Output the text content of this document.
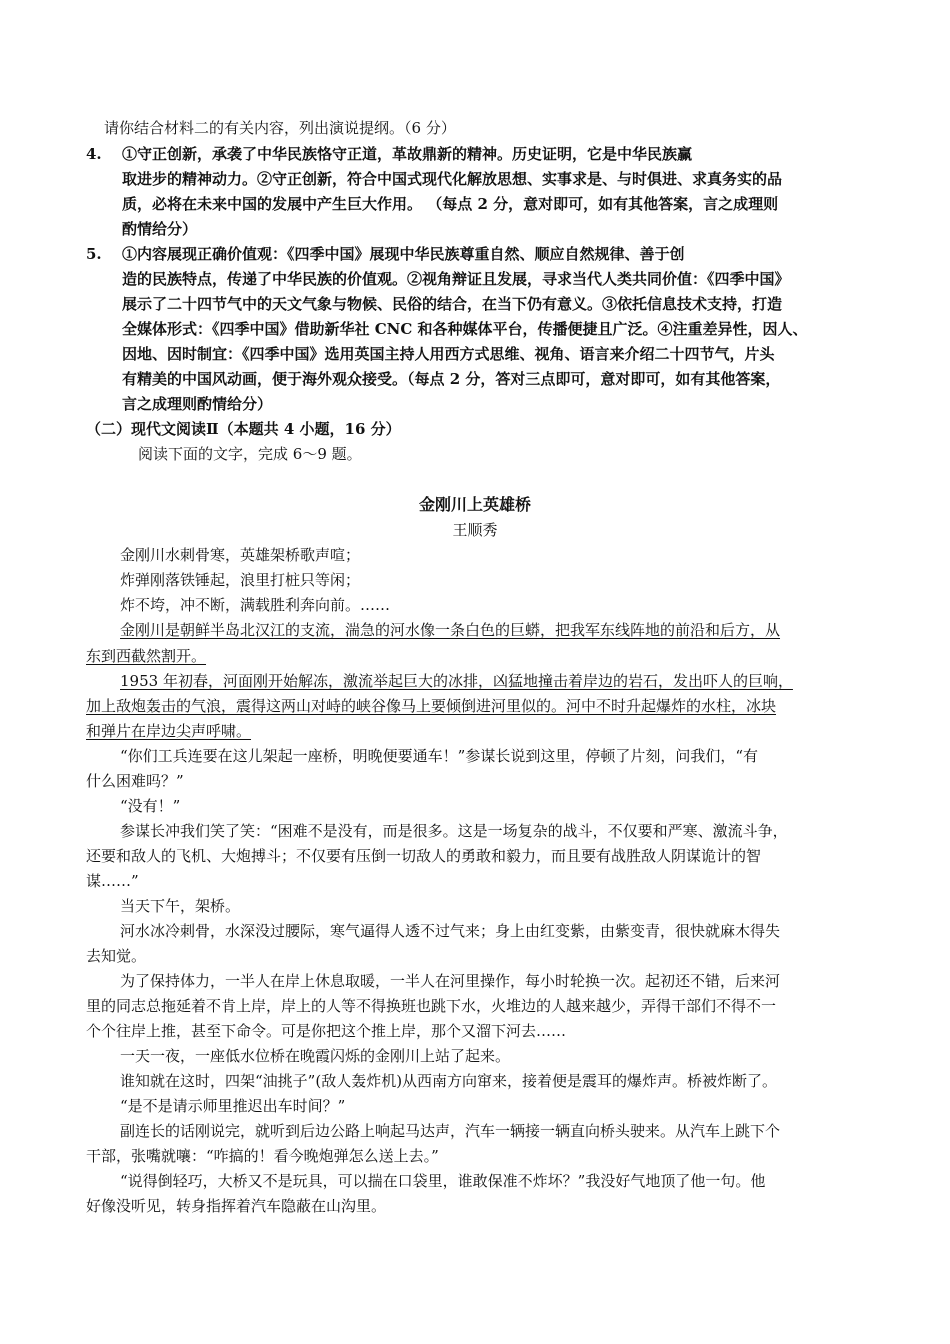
请你结合材料二的有关内容，列出演说提纲。（6 分）
4. ①守正创新，承袭了中华民族恪守正道，革故鼎新的精神。历史证明，它是中华民族赢
取进步的精神动力。②守正创新，符合中国式现代化解放思想、实事求是、与时俱进、求真务实的品
质，必将在未来中国的发展中产生巨大作用。 （每点 2 分，意对即可，如有其他答案，言之成理则
酌情给分）
5. ①内容展现正确价值观：《四季中国》展现中华民族尊重自然、顺应自然规律、善于创
造的民族特点，传递了中华民族的价值观。②视角辩证且发展，寻求当代人类共同价值：《四季中国》
展示了二十四节气中的天文气象与物候、民俗的结合，在当下仍有意义。③依托信息技术支持，打造
全媒体形式：《四季中国》借助新华社 CNC 和各种媒体平台，传播便捷且广泛。④注重差异性，因人、
因地、因时制宜：《四季中国》选用英国主持人用西方式思维、视角、语言来介绍二十四节气，片头
有精美的中国风动画，便于海外观众接受。（每点 2 分，答对三点即可，意对即可，如有其他答案，
言之成理则酌情给分）
（二）现代文阅读Ⅱ（本题共 4 小题，16 分）
阅读下面的文字，完成 6～9 题。
金刚川上英雄桥
王顺秀
金刚川水刺骨寒，英雄架桥歌声喧；
炸弹刚落铁锤起，浪里打桩只等闲；
炸不垮，冲不断，满载胜利奔向前。……
金刚川是朝鲜半岛北汉江的支流，湍急的河水像一条白色的巨蟒，把我军东线阵地的前沿和后方，从
东到西截然割开。
1953 年初春，河面刚开始解冻，激流举起巨大的冰排，凶猛地撞击着岸边的岩石，发出吓人的巨响，
加上敌炮轰击的气浪，震得这两山对峙的峡谷像马上要倾倒进河里似的。河中不时升起爆炸的水柱，冰块
和弹片在岸边尖声呼啸。
“你们工兵连要在这儿架起一座桥，明晚便要通车！”参谋长说到这里，停顿了片刻，问我们，“有
什么困难吗？”
“没有！”
参谋长冲我们笑了笑：“困难不是没有，而是很多。这是一场复杂的战斗，不仅要和严寒、激流斗争，
还要和敌人的飞机、大炮搏斗；不仅要有压倒一切敌人的勇敢和毅力，而且要有战胜敌人阴谋诡计的智
谋……”
当天下午，架桥。
河水冰冷刺骨，水深没过腰际，寒气逼得人透不过气来；身上由红变紫，由紫变青，很快就麻木得失
去知觉。
为了保持体力，一半人在岸上休息取暖，一半人在河里操作，每小时轮换一次。起初还不错，后来河
里的同志总拖延着不肯上岸，岸上的人等不得换班也跳下水，火堆边的人越来越少，弄得干部们不得不一
个个往岸上推，甚至下命令。可是你把这个推上岸，那个又溜下河去……
一天一夜，一座低水位桥在晚霞闪烁的金刚川上站了起来。
谁知就在这时，四架“油挑子”(敌人轰炸机)从西南方向窜来，接着便是震耳的爆炸声。桥被炸断了。
“是不是请示师里推迟出车时间？”
副连长的话刚说完，就听到后边公路上响起马达声，汽车一辆接一辆直向桥头驶来。从汽车上跳下个
干部，张嘴就嚷：“咋搞的！看今晚炮弹怎么送上去。”
“说得倒轻巧，大桥又不是玩具，可以揣在口袋里，谁敢保准不炸坏？”我没好气地顶了他一句。他
好像没听见，转身指挥着汽车隐蔽在山沟里。
